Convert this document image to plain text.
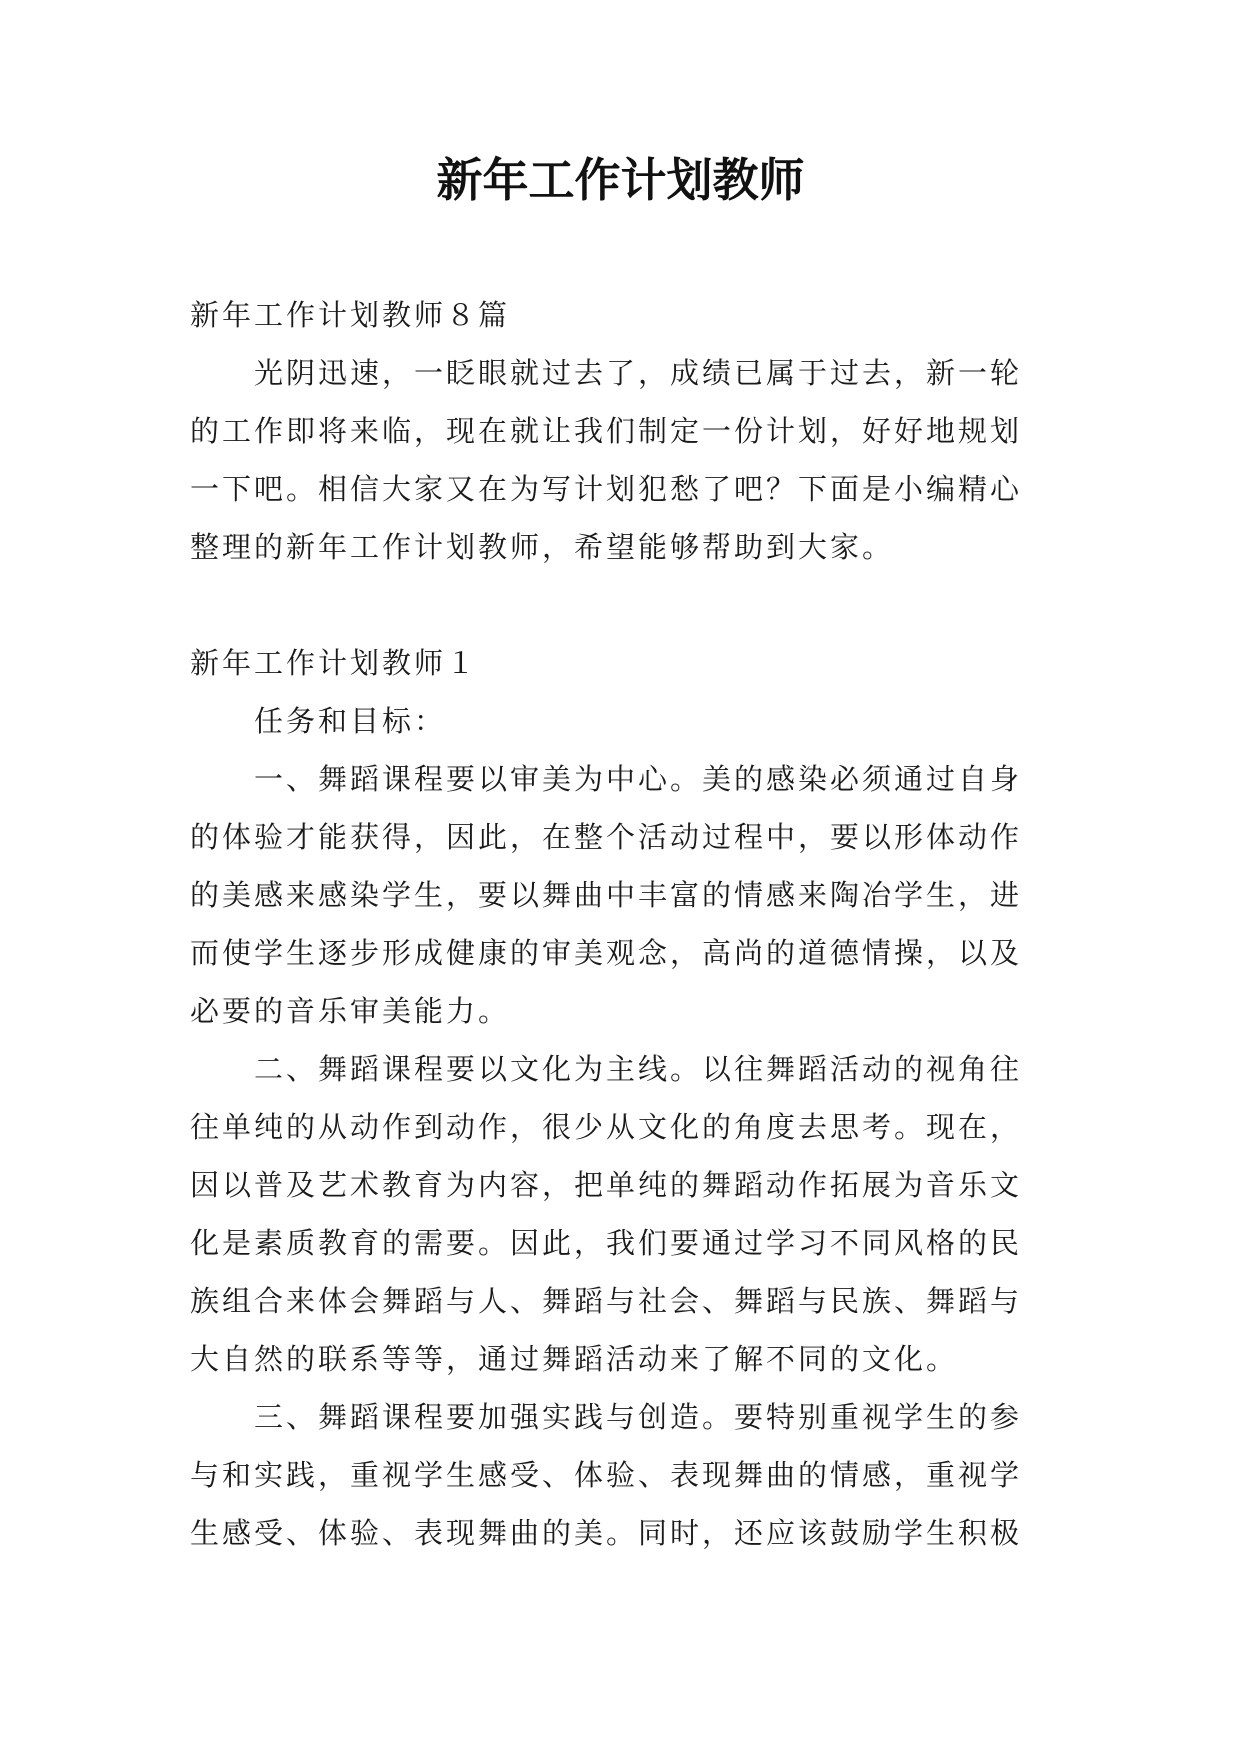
新年工作计划教师

新年工作计划教师８篇

光阴迅速，一眨眼就过去了，成绩已属于过去，新一轮的工作即将来临，现在就让我们制定一份计划，好好地规划一下吧。相信大家又在为写计划犯愁了吧？下面是小编精心整理的新年工作计划教师，希望能够帮助到大家。

新年工作计划教师１

任务和目标：

一、舞蹈课程要以审美为中心。美的感染必须通过自身的体验才能获得，因此，在整个活动过程中，要以形体动作的美感来感染学生，要以舞曲中丰富的情感来陶冶学生，进而使学生逐步形成健康的审美观念，高尚的道德情操，以及必要的音乐审美能力。

二、舞蹈课程要以文化为主线。以往舞蹈活动的视角往往单纯的从动作到动作，很少从文化的角度去思考。现在，因以普及艺术教育为内容，把单纯的舞蹈动作拓展为音乐文化是素质教育的需要。因此，我们要通过学习不同风格的民族组合来体会舞蹈与人、舞蹈与社会、舞蹈与民族、舞蹈与大自然的联系等等，通过舞蹈活动来了解不同的文化。

三、舞蹈课程要加强实践与创造。要特别重视学生的参与和实践，重视学生感受、体验、表现舞曲的情感，重视学生感受、体验、表现舞曲的美。同时，还应该鼓励学生积极
